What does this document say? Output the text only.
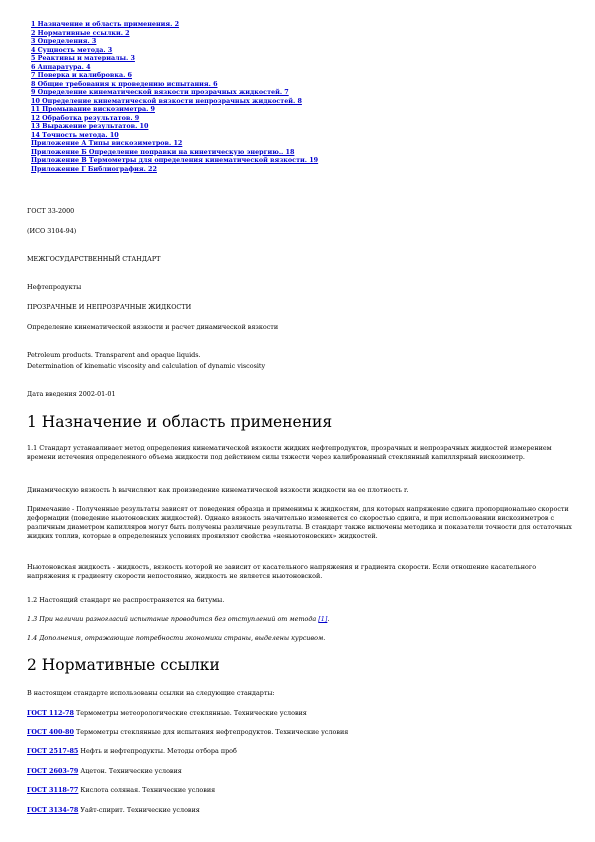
1 Назначение и область применения. 2
2 Нормативные ссылки. 2
3 Определения. 3
4 Сущность метода. 3
5 Реактивы и материалы. 3
6 Аппаратура. 4
7 Поверка и калибровка. 6
8 Общие требования к проведению испытания. 6
9 Определение кинематической вязкости прозрачных жидкостей. 7
10 Определение кинематической вязкости непрозрачных жидкостей. 8
11 Промывание вискозиметра. 9
12 Обработка результатов. 9
13 Выражение результатов. 10
14 Точность метода. 10
Приложение А Типы вискозиметров. 12
Приложение Б Определение поправки на кинетическую энергию.. 18
Приложение В Термометры для определения кинематической вязкости. 19
Приложение Г Библиография. 22
ГОСТ 33-2000
(ИСО 3104-94)
МЕЖГОСУДАРСТВЕННЫЙ СТАНДАРТ
Нефтепродукты
ПРОЗРАЧНЫЕ И НЕПРОЗРАЧНЫЕ ЖИДКОСТИ
Определение кинематической вязкости и расчет динамической вязкости
Petroleum products. Transparent and opaque liquids.
Determination of kinematic viscosity and calculation of dynamic viscosity
Дата введения 2002-01-01
1 Назначение и область применения
1.1 Стандарт устанавливает метод определения кинематической вязкости жидких нефтепродуктов, прозрачных и непрозрачных жидкостей измерением времени истечения определенного объема жидкости под действием силы тяжести через калиброванный стеклянный капиллярный вискозиметр.
Динамическую вязкость h вычисляют как произведение кинематической вязкости жидкости на ее плотность r.
Примечание - Полученные результаты зависят от поведения образца и применимы к жидкостям, для которых напряжение сдвига пропорционально скорости деформации (поведение ньютоновских жидкостей). Однако вязкость значительно изменяется со скоростью сдвига, и при использовании вискозиметров с различным диаметром капилляров могут быть получены различные результаты. В стандарт также включены методика и показатели точности для остаточных жидких топлив, которые в определенных условиях проявляют свойства «неньютоновских» жидкостей.
Ньютоновская жидкость - жидкость, вязкость которой не зависит от касательного напряжения и градиента скорости. Если отношение касательного напряжения к градиенту скорости непостоянно, жидкость не является ньютоновской.
1.2 Настоящий стандарт не распространяется на битумы.
1.3 При наличии разногласий испытание проводится без отступлений от метода [1].
1.4 Дополнения, отражающие потребности экономики страны, выделены курсивом.
2 Нормативные ссылки
В настоящем стандарте использованы ссылки на следующие стандарты:
ГОСТ 112-78 Термометры метеорологические стеклянные. Технические условия
ГОСТ 400-80 Термометры стеклянные для испытания нефтепродуктов. Технические условия
ГОСТ 2517-85 Нефть и нефтепродукты. Методы отбора проб
ГОСТ 2603-79 Ацетон. Технические условия
ГОСТ 3118-77 Кислота соляная. Технические условия
ГОСТ 3134-78 Уайт-спирит. Технические условия
